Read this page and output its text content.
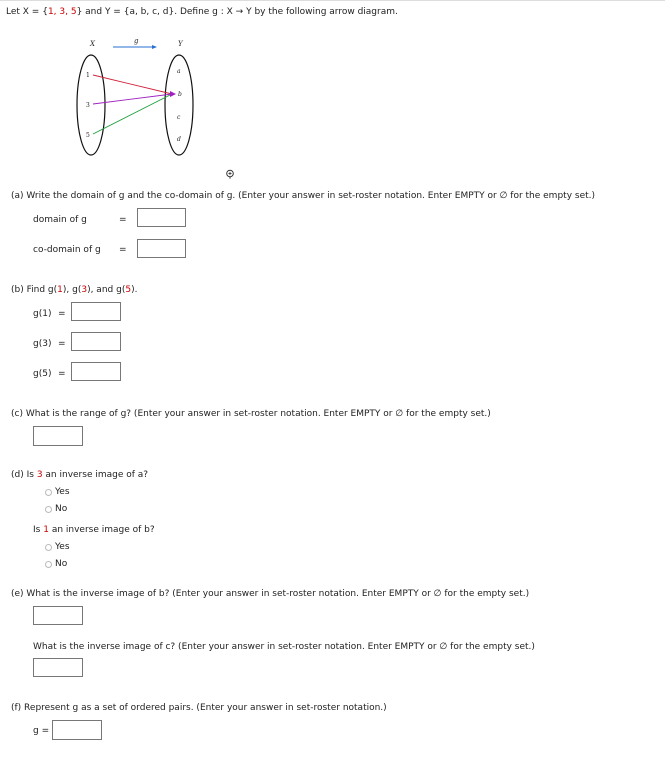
Let X = {1, 3, 5} and Y = {a, b, c, d}. Define g : X → Y by the following arrow diagram.
X	Y
g
1
3
5
a
b
c
d
(a) Write the domain of g and the co-domain of g. (Enter your answer in set-roster notation. Enter EMPTY or ∅ for the empty set.)
domain of g	=
co-domain of g =
(b) Find g(1), g(3), and g(5).
g(1) =
g(3) =
g(5) =
(c) What is the range of g? (Enter your answer in set-roster notation. Enter EMPTY or ∅ for the empty set.)
(d) Is 3 an inverse image of a?
Yes
No
Is 1 an inverse image of b?
Yes
No
(e) What is the inverse image of b? (Enter your answer in set-roster notation. Enter EMPTY or ∅ for the empty set.)
What is the inverse image of c? (Enter your answer in set-roster notation. Enter EMPTY or ∅ for the empty set.)
(f) Represent g as a set of ordered pairs. (Enter your answer in set-roster notation.)
g =
